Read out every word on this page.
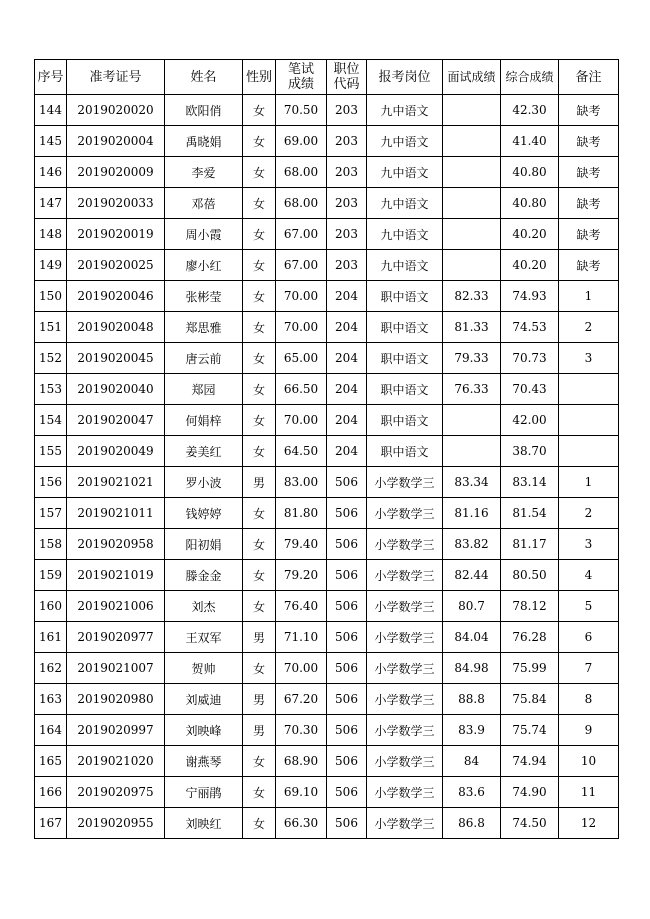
序号	准考证号	姓名	性别	笔试成绩	职位代码	报考岗位	面试成绩	综合成绩	备注
144	2019020020	欧阳俏	女	70.50	203	九中语文		42.30	缺考
145	2019020004	禹晓娟	女	69.00	203	九中语文		41.40	缺考
146	2019020009	李爱	女	68.00	203	九中语文		40.80	缺考
147	2019020033	邓蓓	女	68.00	203	九中语文		40.80	缺考
148	2019020019	周小霞	女	67.00	203	九中语文		40.20	缺考
149	2019020025	廖小红	女	67.00	203	九中语文		40.20	缺考
150	2019020046	张彬莹	女	70.00	204	职中语文	82.33	74.93	1
151	2019020048	郑思雅	女	70.00	204	职中语文	81.33	74.53	2
152	2019020045	唐云前	女	65.00	204	职中语文	79.33	70.73	3
153	2019020040	郑园	女	66.50	204	职中语文	76.33	70.43	
154	2019020047	何娟梓	女	70.00	204	职中语文		42.00	
155	2019020049	姜美红	女	64.50	204	职中语文		38.70	
156	2019021021	罗小波	男	83.00	506	小学数学三	83.34	83.14	1
157	2019021011	钱婷婷	女	81.80	506	小学数学三	81.16	81.54	2
158	2019020958	阳初娟	女	79.40	506	小学数学三	83.82	81.17	3
159	2019021019	滕金金	女	79.20	506	小学数学三	82.44	80.50	4
160	2019021006	刘杰	女	76.40	506	小学数学三	80.7	78.12	5
161	2019020977	王双军	男	71.10	506	小学数学三	84.04	76.28	6
162	2019021007	贺帅	女	70.00	506	小学数学三	84.98	75.99	7
163	2019020980	刘威迪	男	67.20	506	小学数学三	88.8	75.84	8
164	2019020997	刘映峰	男	70.30	506	小学数学三	83.9	75.74	9
165	2019021020	谢燕琴	女	68.90	506	小学数学三	84	74.94	10
166	2019020975	宁丽鹃	女	69.10	506	小学数学三	83.6	74.90	11
167	2019020955	刘映红	女	66.30	506	小学数学三	86.8	74.50	12
